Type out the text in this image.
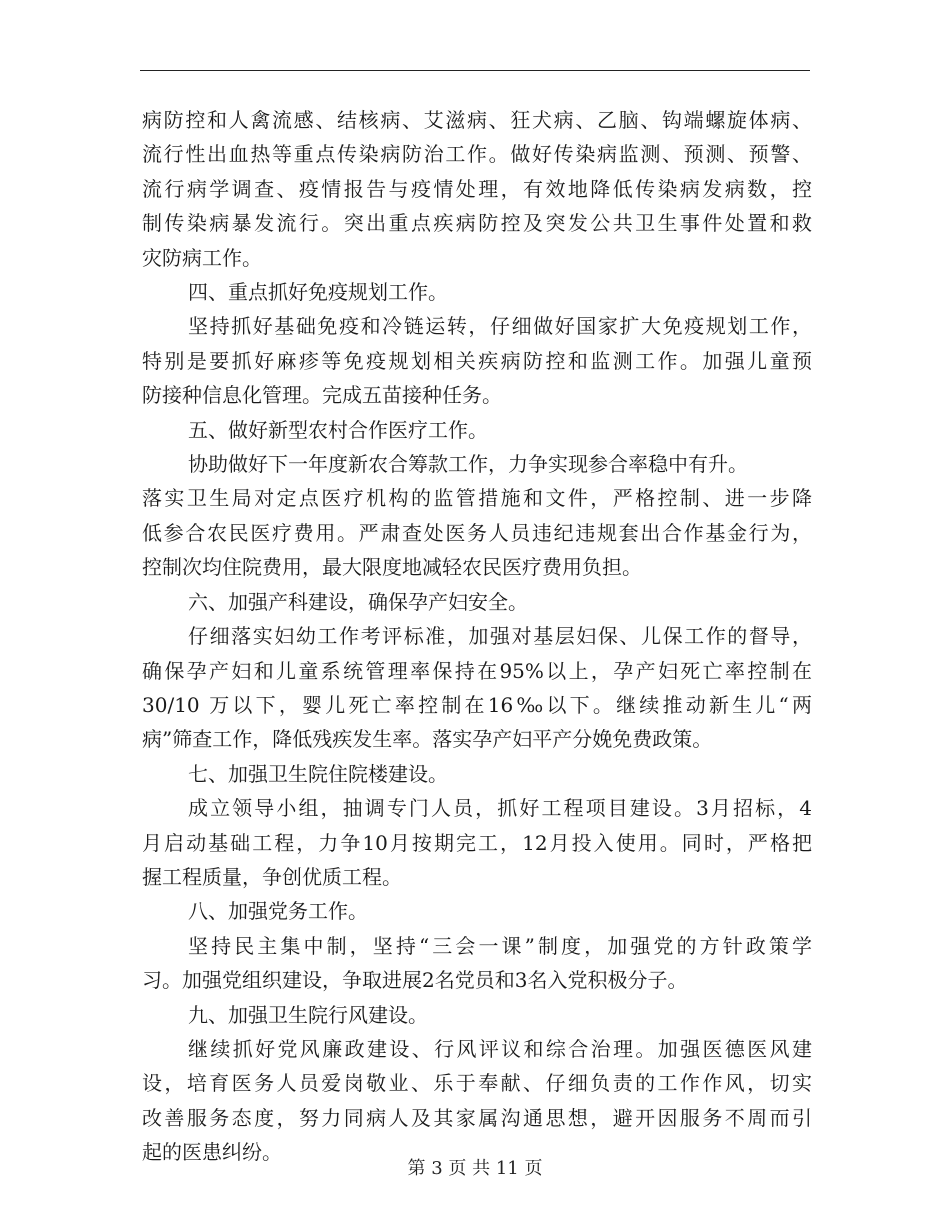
病防控和人禽流感、结核病、艾滋病、狂犬病、乙脑、钩端螺旋体病、
流行性出血热等重点传染病防治工作。做好传染病监测、预测、预警、
流行病学调查、疫情报告与疫情处理，有效地降低传染病发病数，控
制传染病暴发流行。突出重点疾病防控及突发公共卫生事件处置和救
灾防病工作。

四、重点抓好免疫规划工作。

坚持抓好基础免疫和冷链运转，仔细做好国家扩大免疫规划工作，
特别是要抓好麻疹等免疫规划相关疾病防控和监测工作。加强儿童预
防接种信息化管理。完成五苗接种任务。

五、做好新型农村合作医疗工作。

协助做好下一年度新农合筹款工作，力争实现参合率稳中有升。
落实卫生局对定点医疗机构的监管措施和文件，严格控制、进一步降
低参合农民医疗费用。严肃查处医务人员违纪违规套出合作基金行为，
控制次均住院费用，最大限度地减轻农民医疗费用负担。

六、加强产科建设，确保孕产妇安全。

仔细落实妇幼工作考评标准，加强对基层妇保、儿保工作的督导，
确保孕产妇和儿童系统管理率保持在95%以上，孕产妇死亡率控制在
30/10 万以下，婴儿死亡率控制在16‰以下。继续推动新生儿“两
病”筛查工作，降低残疾发生率。落实孕产妇平产分娩免费政策。

七、加强卫生院住院楼建设。

成立领导小组，抽调专门人员，抓好工程项目建设。3月招标，4
月启动基础工程，力争10月按期完工，12月投入使用。同时，严格把
握工程质量，争创优质工程。

八、加强党务工作。

坚持民主集中制，坚持“三会一课”制度，加强党的方针政策学
习。加强党组织建设，争取进展2名党员和3名入党积极分子。

九、加强卫生院行风建设。

继续抓好党风廉政建设、行风评议和综合治理。加强医德医风建
设，培育医务人员爱岗敬业、乐于奉献、仔细负责的工作作风，切实
改善服务态度，努力同病人及其家属沟通思想，避开因服务不周而引
起的医患纠纷。

第 3 页 共 11 页
